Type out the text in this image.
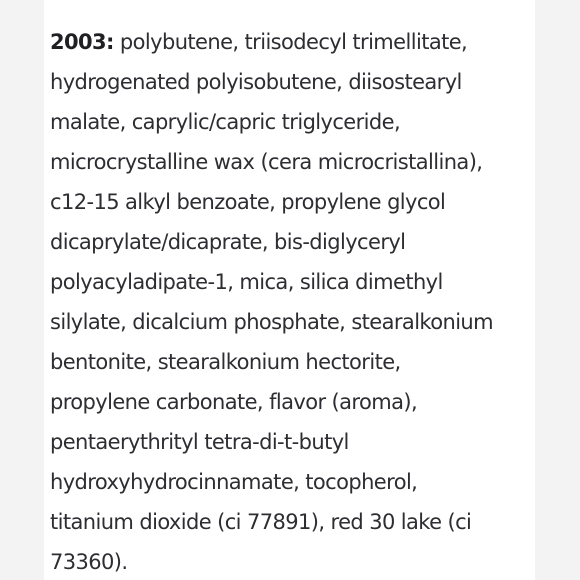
2003: polybutene, triisodecyl trimellitate,
hydrogenated polyisobutene, diisostearyl
malate, caprylic/capric triglyceride,
microcrystalline wax (cera microcristallina),
c12-15 alkyl benzoate, propylene glycol
dicaprylate/dicaprate, bis-diglyceryl
polyacyladipate-1, mica, silica dimethyl
silylate, dicalcium phosphate, stearalkonium
bentonite, stearalkonium hectorite,
propylene carbonate, flavor (aroma),
pentaerythrityl tetra-di-t-butyl
hydroxyhydrocinnamate, tocopherol,
titanium dioxide (ci 77891), red 30 lake (ci
73360).
